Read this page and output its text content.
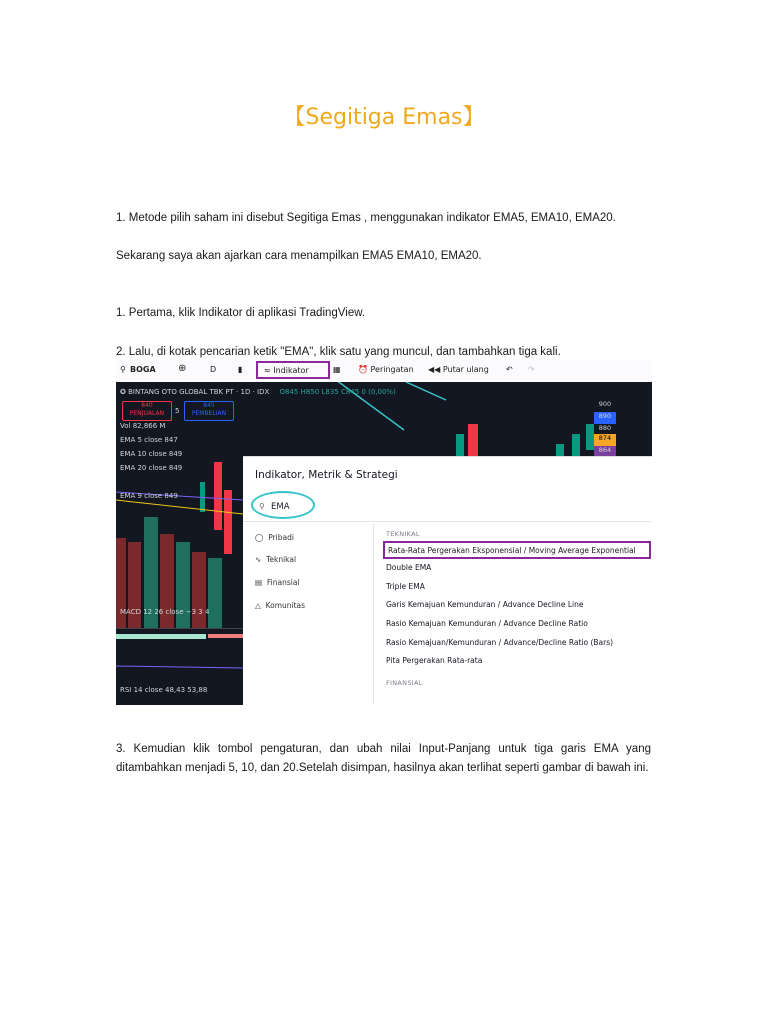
【Segitiga Emas】
1. Metode pilih saham ini disebut Segitiga Emas , menggunakan indikator EMA5, EMA10, EMA20.
Sekarang saya akan ajarkan cara menampilkan EMA5 EMA10, EMA20.
1. Pertama, klik Indikator di aplikasi TradingView.
2. Lalu, di kotak pencarian ketik "EMA", klik satu yang muncul, dan tambahkan tiga kali.
⚲ BOGA ⊕	D	▮	≈ Indikator	▦ ⏰ Peringatan ◀◀ Putar ulang ↶ ↷
✪ BINTANG OTO GLOBAL TBK PT · 1D · IDX O845 H850 L835 C845 0 (0,00%)
840
PENJUALAN	5
845
PEMBELIAN
Vol 82,866 M
EMA 5 close 847
EMA 10 close 849
EMA 20 close 849
EMA 9 close 849
MACD 12 26 close −3 3 4
RSI 14 close 48,43 53,88
900
890
880
874
864
Indikator, Metrik & Strategi
⚲ EMA
◯ Pribadi
∿ Teknikal
▤ Finansial
△ Komunitas
TEKNIKAL
Rata-Rata Pergerakan Eksponensial / Moving Average Exponential
Double EMA
Triple EMA
Garis Kemajuan Kemunduran / Advance Decline Line
Rasio Kemajuan Kemunduran / Advance Decline Ratio
Rasio Kemajuan/Kemunduran / Advance/Decline Ratio (Bars)
Pita Pergerakan Rata-rata
FINANSIAL
3. Kemudian klik tombol pengaturan, dan ubah nilai Input-Panjang untuk tiga garis EMA yang ditambahkan menjadi 5, 10, dan 20.Setelah disimpan, hasilnya akan terlihat seperti gambar di bawah ini.
